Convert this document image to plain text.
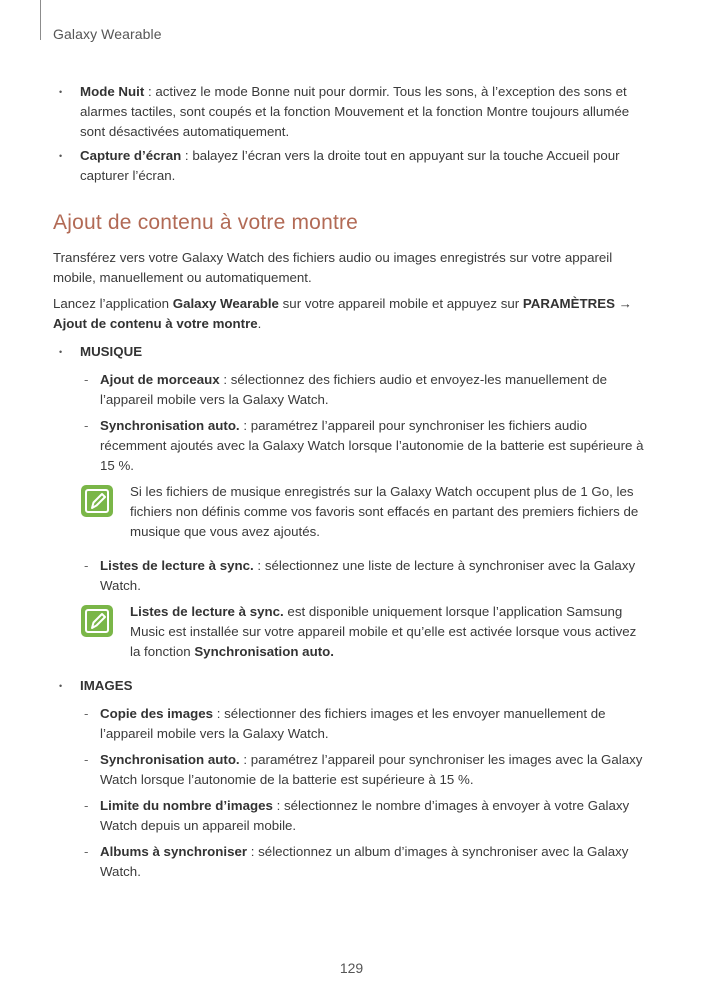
Galaxy Wearable
• Mode Nuit : activez le mode Bonne nuit pour dormir. Tous les sons, à l’exception des sons et alarmes tactiles, sont coupés et la fonction Mouvement et la fonction Montre toujours allumée sont désactivées automatiquement.
• Capture d’écran : balayez l’écran vers la droite tout en appuyant sur la touche Accueil pour capturer l’écran.
Ajout de contenu à votre montre

Transférez vers votre Galaxy Watch des fichiers audio ou images enregistrés sur votre appareil mobile, manuellement ou automatiquement.

Lancez l’application Galaxy Wearable sur votre appareil mobile et appuyez sur PARAMÈTRES → Ajout de contenu à votre montre.

• MUSIQUE
- Ajout de morceaux : sélectionnez des fichiers audio et envoyez-les manuellement de l’appareil mobile vers la Galaxy Watch.
- Synchronisation auto. : paramétrez l’appareil pour synchroniser les fichiers audio récemment ajoutés avec la Galaxy Watch lorsque l’autonomie de la batterie est supérieure à 15 %.
Si les fichiers de musique enregistrés sur la Galaxy Watch occupent plus de 1 Go, les fichiers non définis comme vos favoris sont effacés en partant des premiers fichiers de musique que vous avez ajoutés.
- Listes de lecture à sync. : sélectionnez une liste de lecture à synchroniser avec la Galaxy Watch.
Listes de lecture à sync. est disponible uniquement lorsque l’application Samsung Music est installée sur votre appareil mobile et qu’elle est activée lorsque vous activez la fonction Synchronisation auto.
• IMAGES
- Copie des images : sélectionner des fichiers images et les envoyer manuellement de l’appareil mobile vers la Galaxy Watch.
- Synchronisation auto. : paramétrez l’appareil pour synchroniser les images avec la Galaxy Watch lorsque l’autonomie de la batterie est supérieure à 15 %.
- Limite du nombre d’images : sélectionnez le nombre d’images à envoyer à votre Galaxy Watch depuis un appareil mobile.
- Albums à synchroniser : sélectionnez un album d’images à synchroniser avec la Galaxy Watch.
129
